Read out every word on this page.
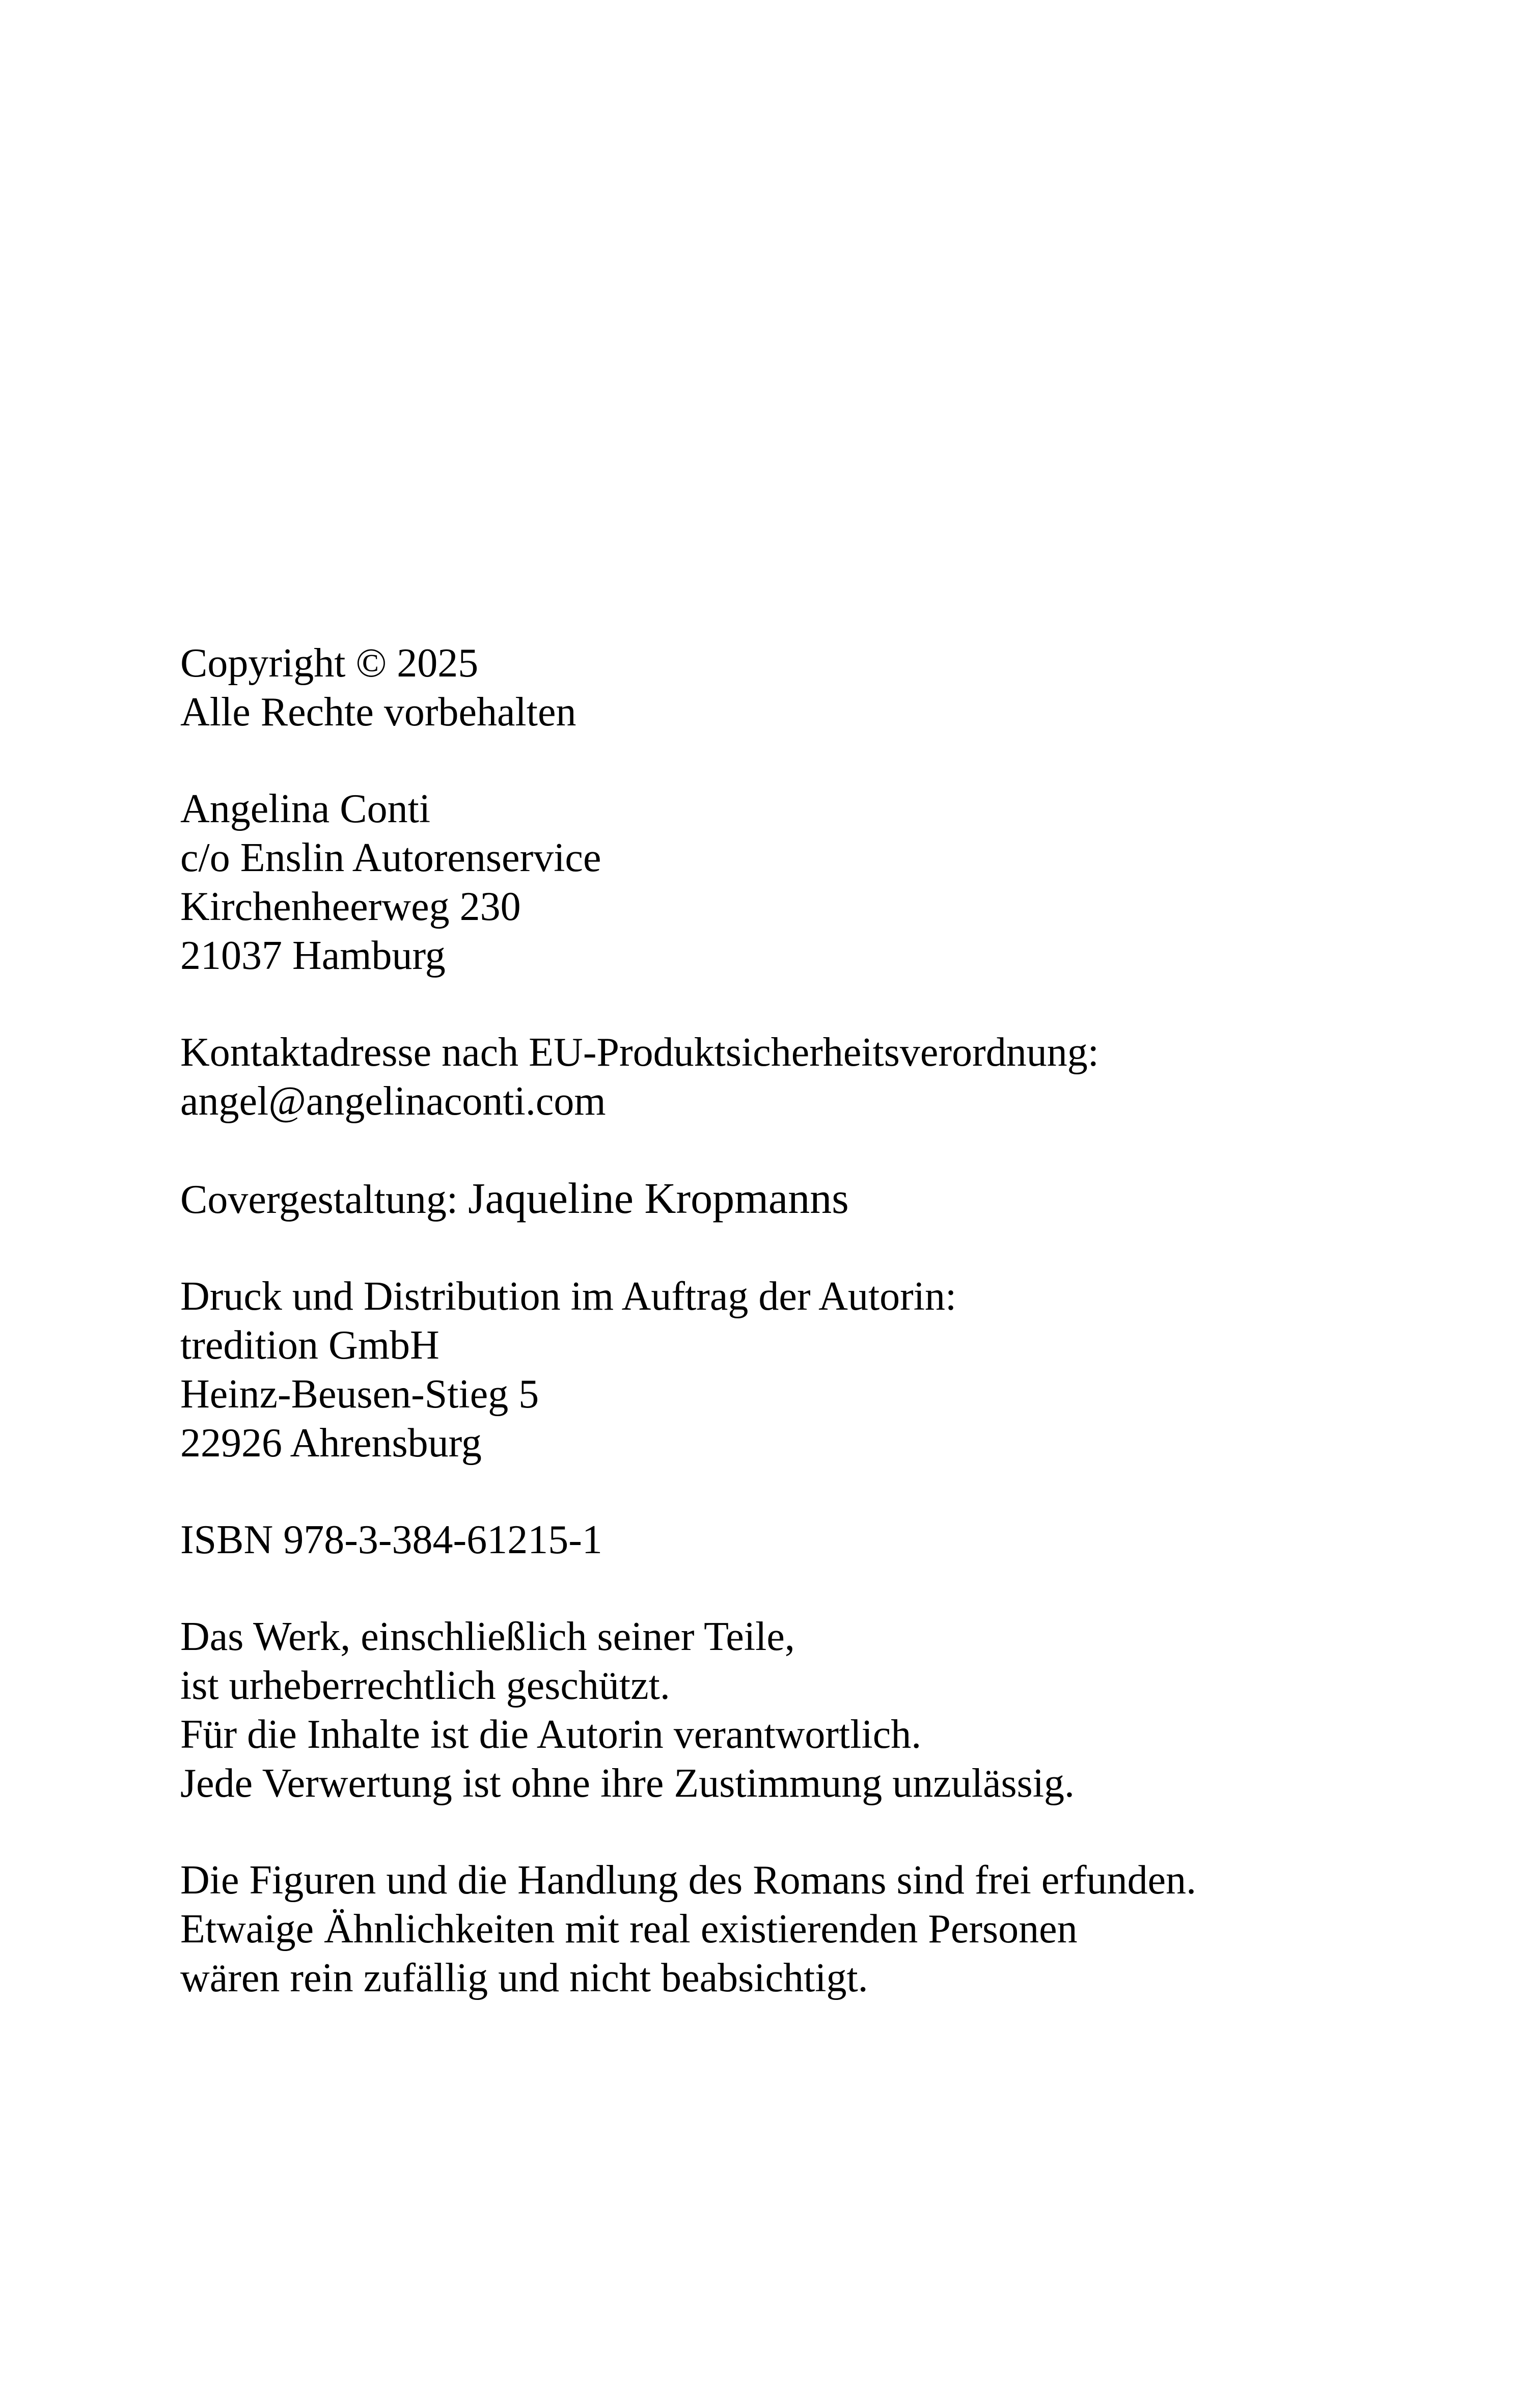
Copyright © 2025
Alle Rechte vorbehalten
Angelina Conti
c/o Enslin Autorenservice
Kirchenheerweg 230
21037 Hamburg
Kontaktadresse nach EU-Produktsicherheitsverordnung:
angel@angelinaconti.com
Covergestaltung: Jaqueline Kropmanns
Druck und Distribution im Auftrag der Autorin:
tredition GmbH
Heinz-Beusen-Stieg 5
22926 Ahrensburg
ISBN 978-3-384-61215-1
Das Werk, einschließlich seiner Teile,
ist urheberrechtlich geschützt.
Für die Inhalte ist die Autorin verantwortlich.
Jede Verwertung ist ohne ihre Zustimmung unzulässig.
Die Figuren und die Handlung des Romans sind frei erfunden.
Etwaige Ähnlichkeiten mit real existierenden Personen
wären rein zufällig und nicht beabsichtigt.
